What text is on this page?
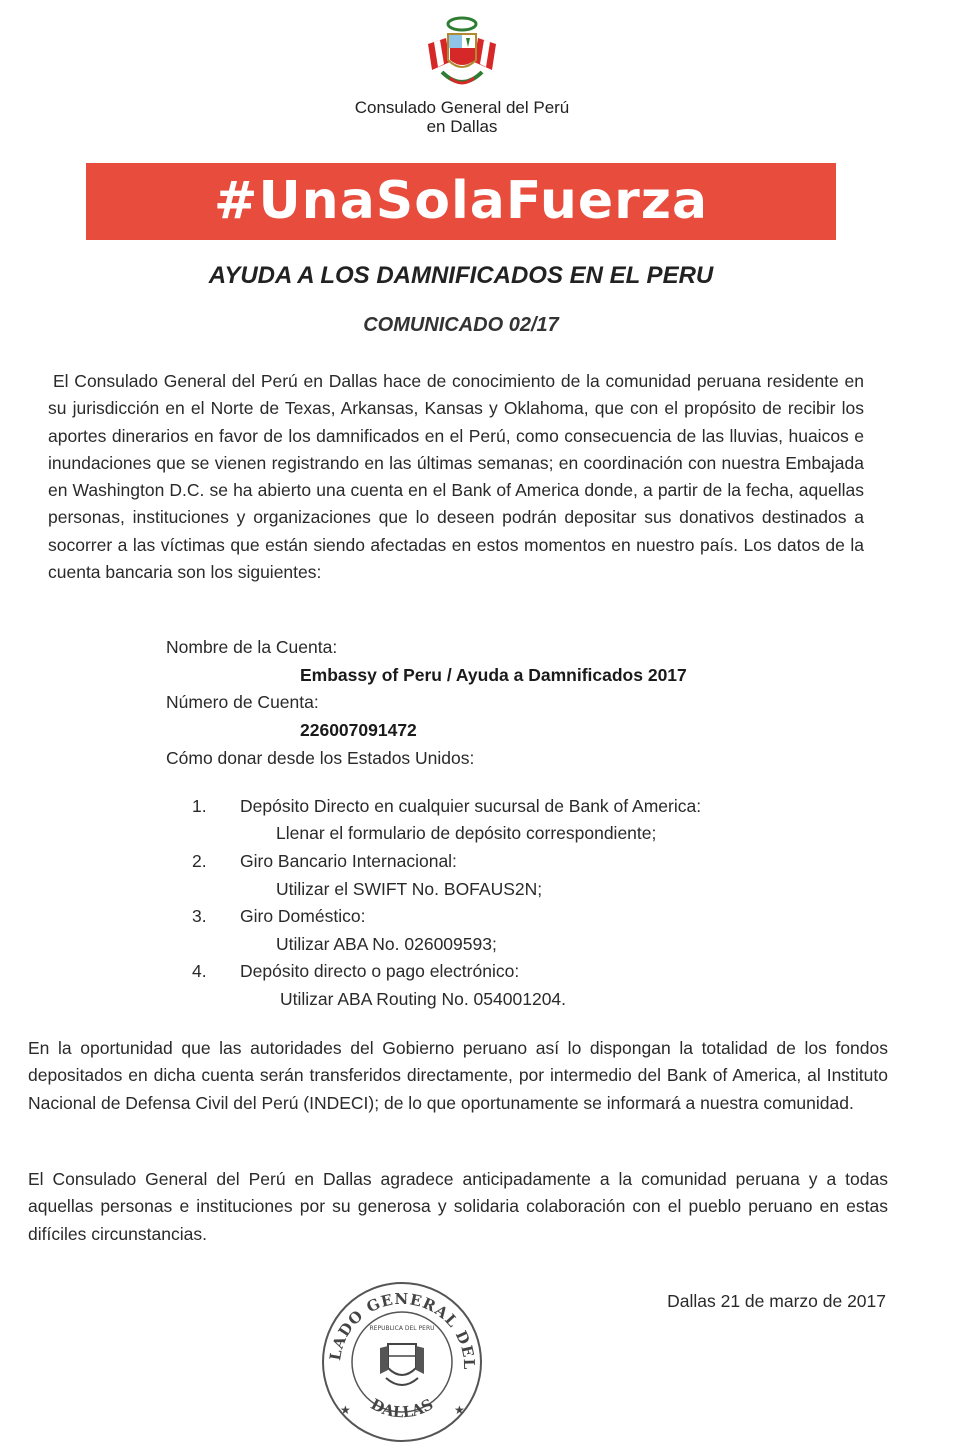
Consulado General del Perú
en Dallas
#UnaSolaFuerza
AYUDA A LOS DAMNIFICADOS EN EL PERU
COMUNICADO 02/17
El Consulado General del Perú en Dallas hace de conocimiento de la comunidad peruana residente en su jurisdicción en el Norte de Texas, Arkansas, Kansas y Oklahoma, que con el propósito de recibir los aportes dinerarios en favor de los damnificados en el Perú, como consecuencia de las lluvias, huaicos e inundaciones que se vienen registrando en las últimas semanas; en coordinación con nuestra Embajada en Washington D.C. se ha abierto una cuenta en el Bank of America donde, a partir de la fecha, aquellas personas, instituciones y organizaciones que lo deseen podrán depositar sus donativos destinados a socorrer a las víctimas que están siendo afectadas en estos momentos en nuestro país. Los datos de la cuenta bancaria son los siguientes:
Nombre de la Cuenta:
Embassy of Peru / Ayuda a Damnificados 2017
Número de Cuenta:
226007091472
Cómo donar desde los Estados Unidos:
1.	Depósito Directo en cualquier sucursal de Bank of America:
Llenar el formulario de depósito correspondiente;
2.	Giro Bancario Internacional:
Utilizar el SWIFT No. BOFAUS2N;
3.	Giro Doméstico:
Utilizar ABA No. 026009593;
4.	Depósito directo o pago electrónico:
Utilizar ABA Routing No. 054001204.
En la oportunidad que las autoridades del Gobierno peruano así lo dispongan la totalidad de los fondos depositados en dicha cuenta serán transferidos directamente, por intermedio del Bank of America, al Instituto Nacional de Defensa Civil del Perú (INDECI); de lo que oportunamente se informará a nuestra comunidad.
El Consulado General del Perú en Dallas agradece anticipadamente a la comunidad peruana y a todas aquellas personas e instituciones por su generosa y solidaria colaboración con el pueblo peruano en estas difíciles circunstancias.
Dallas 21 de marzo de 2017
LADO GENERAL DEL
DALLAS
REPUBLICA DEL PERU
★	★
